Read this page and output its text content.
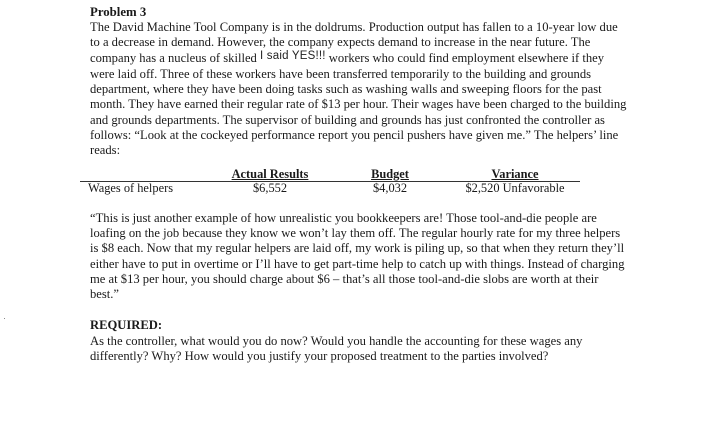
Problem 3

The David Machine Tool Company is in the doldrums. Production output has fallen to a 10-year low due to a decrease in demand. However, the company expects demand to increase in the near future. The company has a nucleus of skilled I said YES!!! workers who could find employment elsewhere if they were laid off. Three of these workers have been transferred temporarily to the building and grounds department, where they have been doing tasks such as washing walls and sweeping floors for the past month. They have earned their regular rate of $13 per hour. Their wages have been charged to the building and grounds departments. The supervisor of building and grounds has just confronted the controller as follows: “Look at the cockeyed performance report you pencil pushers have given me.” The helpers’ line reads:

	Actual Results	Budget	Variance
Wages of helpers	$6,552	$4,032	$2,520 Unfavorable

“This is just another example of how unrealistic you bookkeepers are! Those tool-and-die people are loafing on the job because they know we won’t lay them off. The regular hourly rate for my three helpers is $8 each. Now that my regular helpers are laid off, my work is piling up, so that when they return they’ll either have to put in overtime or I’ll have to get part-time help to catch up with things. Instead of charging me at $13 per hour, you should charge about $6 – that’s all those tool-and-die slobs are worth at their best.”

REQUIRED:

As the controller, what would you do now? Would you handle the accounting for these wages any differently? Why? How would you justify your proposed treatment to the parties involved?
